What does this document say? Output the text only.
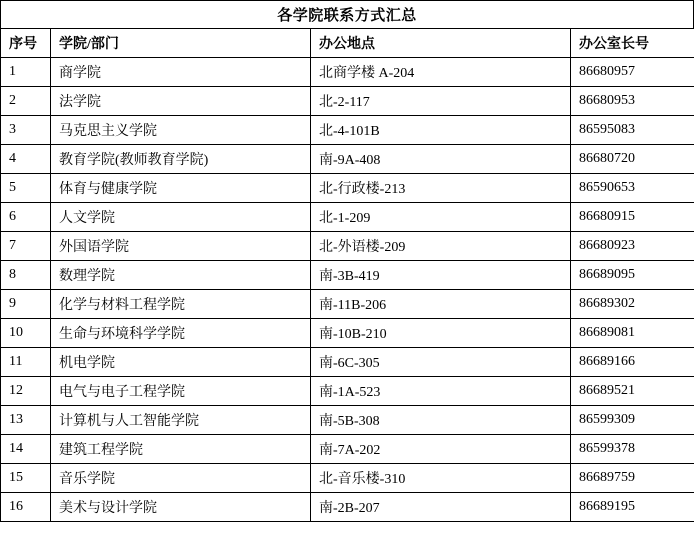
各学院联系方式汇总
序号	学院/部门	办公地点	办公室长号
1	商学院	北商学楼 A-204	86680957
2	法学院	北-2-117	86680953
3	马克思主义学院	北-4-101B	86595083
4	教育学院(教师教育学院)	南-9A-408	86680720
5	体育与健康学院	北-行政楼-213	86590653
6	人文学院	北-1-209	86680915
7	外国语学院	北-外语楼-209	86680923
8	数理学院	南-3B-419	86689095
9	化学与材料工程学院	南-11B-206	86689302
10	生命与环境科学学院	南-10B-210	86689081
11	机电学院	南-6C-305	86689166
12	电气与电子工程学院	南-1A-523	86689521
13	计算机与人工智能学院	南-5B-308	86599309
14	建筑工程学院	南-7A-202	86599378
15	音乐学院	北-音乐楼-310	86689759
16	美术与设计学院	南-2B-207	86689195
